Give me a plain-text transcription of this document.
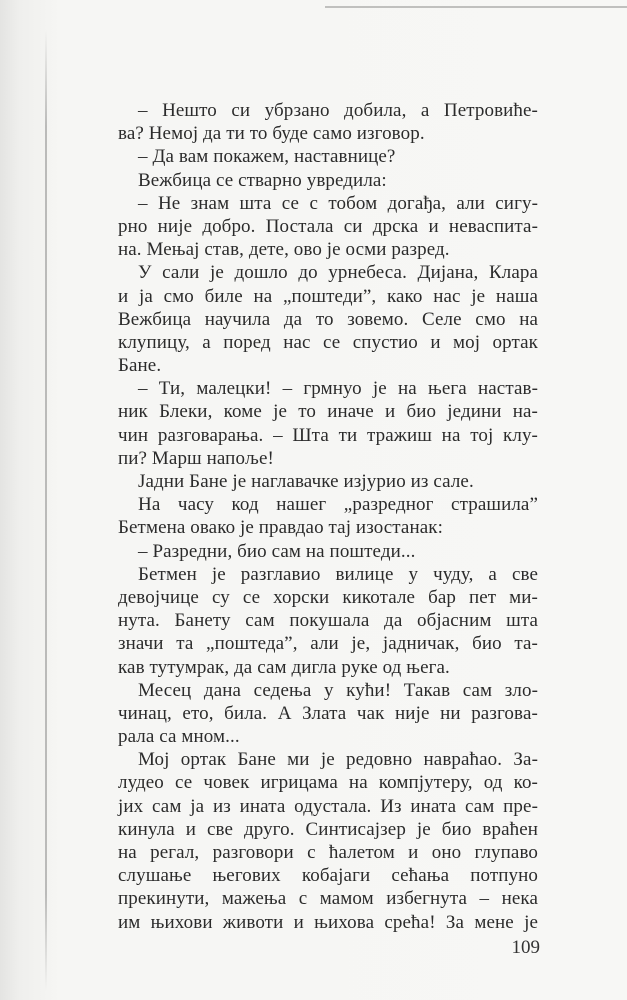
– Нешто си убрзано добила, а Петровиће-
ва? Немој да ти то буде само изговор.
– Да вам покажем, наставнице?
Вежбица се стварно увредила:
– Не знам шта се с тобом догађа, али сигу-
рно није добро. Постала си дрска и невaспита-
на. Мењај став, дете, ово је осми разред.
У сали је дошло до урнебеса. Дијана, Клара
и ја смо биле на „поштеди”, како нас је наша
Вежбица научила да то зовемо. Селе смо на
клупицу, а поред нас се спустио и мој ортак
Бане.
– Ти, малецки! – грмнуо је на њега настав-
ник Блеки, коме је то иначе и био једини на-
чин разговарања. – Шта ти тражиш на тој клу-
пи? Марш напоље!
Јадни Бане је наглавачке изјурио из сале.
На часу код нашег „разредног страшила”
Бетмена овако је правдао тај изостанак:
– Разредни, био сам на поштеди...
Бетмен је разглавио вилице у чуду, а све
девојчице су се хорски кикотале бар пет ми-
нута. Банету сам покушала да објасним шта
значи та „поштеда”, али је, јадничак, био та-
кав тутумрак, да сам дигла руке од њега.
Месец дана седења у кући! Такав сам зло-
чинац, ето, била. А Злата чак није ни разговa-
рала са мном...
Мој ортак Бане ми је редовно навраћао. За-
лудео се човек игрицама на компјутеру, од ко-
јих сам ја из ината одустала. Из ината сам пре-
кинула и све друго. Синтисајзер је био враћен
на регал, разговори с ћалетом и оно глупаво
слушање његових кобајаги сећања потпуно
прекинути, мажења с мамом избегнута – нека
им њихови животи и њихова срећа! За мене је
109
